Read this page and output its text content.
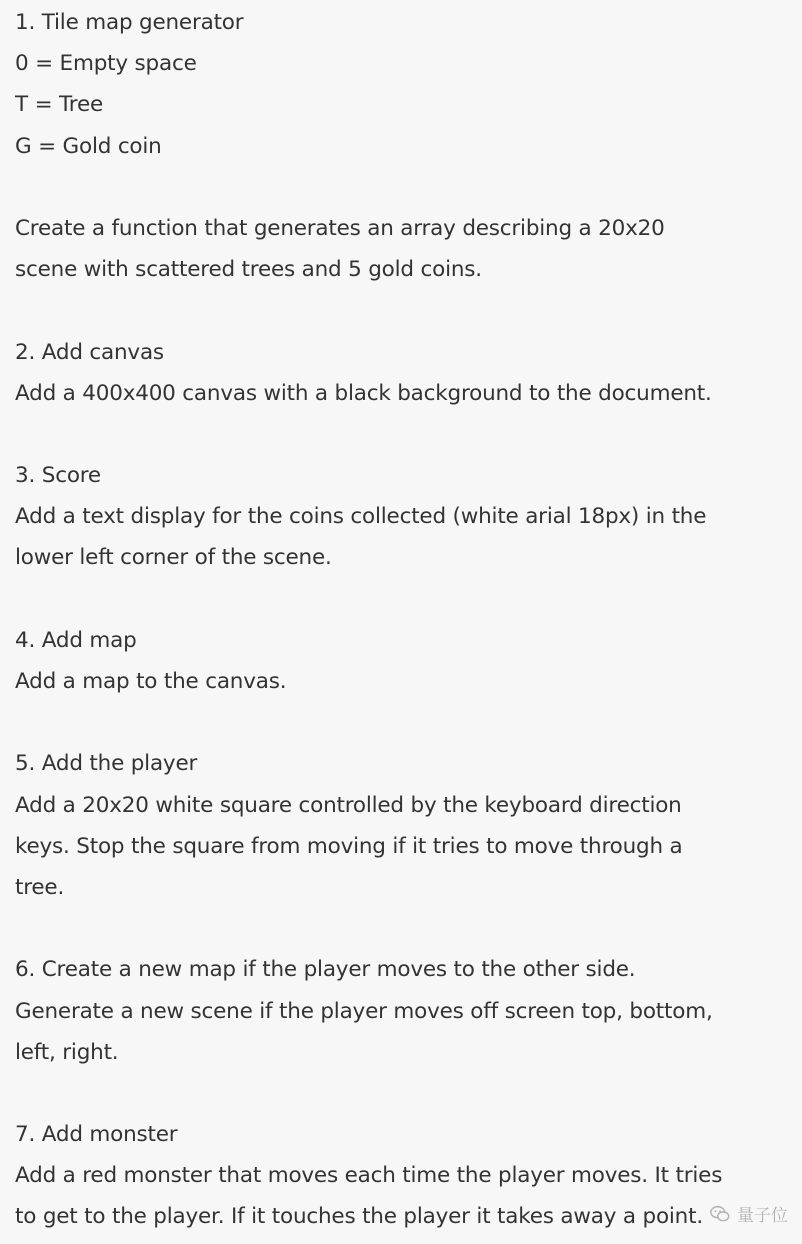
1. Tile map generator
0 = Empty space
T = Tree
G = Gold coin
Create a function that generates an array describing a 20x20
scene with scattered trees and 5 gold coins.
2. Add canvas
Add a 400x400 canvas with a black background to the document.
3. Score
Add a text display for the coins collected (white arial 18px) in the
lower left corner of the scene.
4. Add map
Add a map to the canvas.
5. Add the player
Add a 20x20 white square controlled by the keyboard direction
keys. Stop the square from moving if it tries to move through a
tree.
6. Create a new map if the player moves to the other side.
Generate a new scene if the player moves off screen top, bottom,
left, right.
7. Add monster
Add a red monster that moves each time the player moves. It tries
to get to the player. If it touches the player it takes away a point.	量子位
